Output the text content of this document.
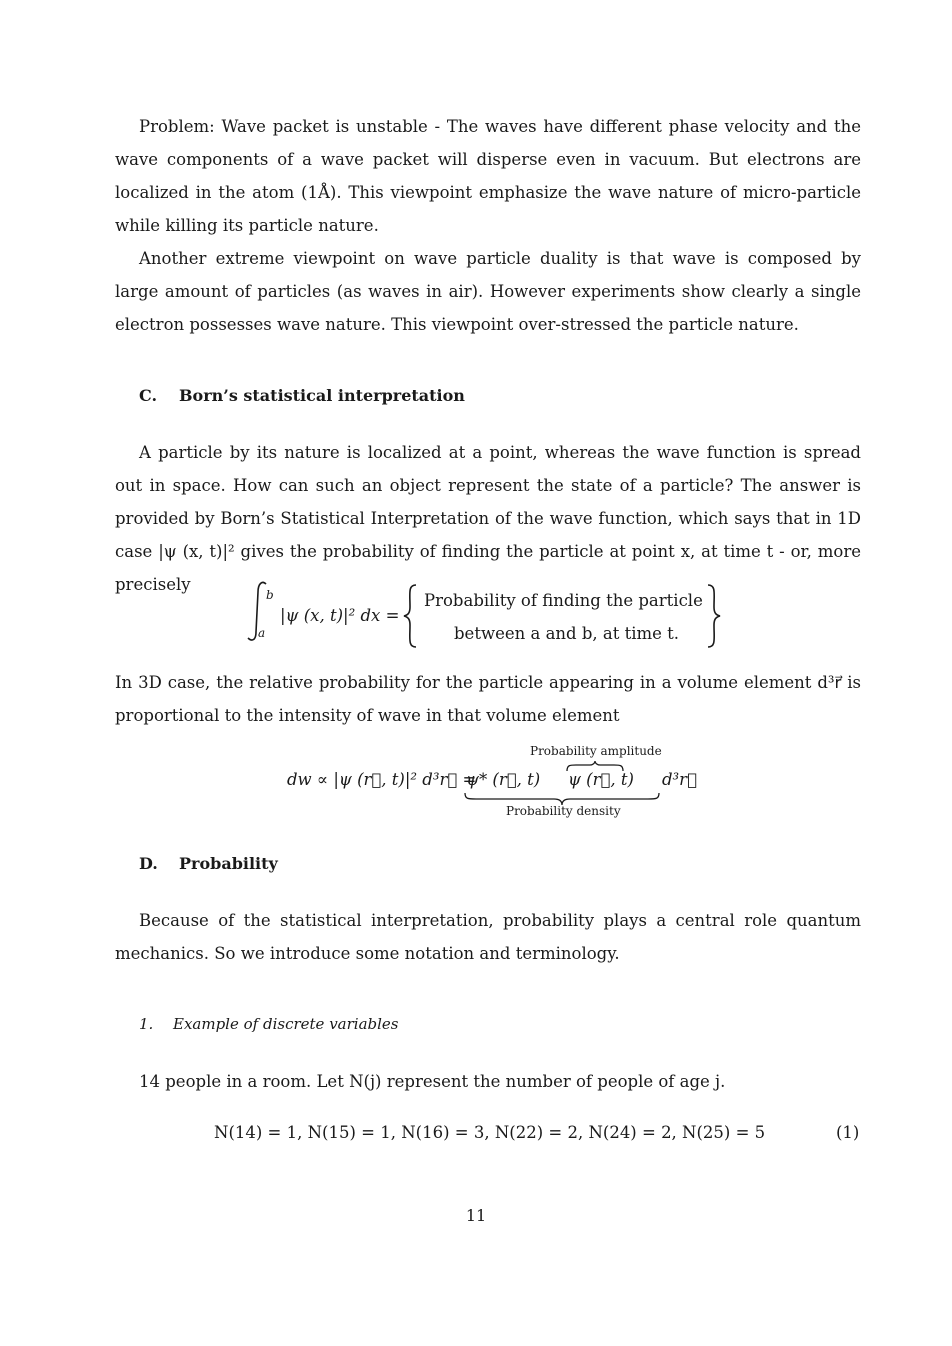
Problem: Wave packet is unstable - The waves have different phase velocity and the wave components of a wave packet will disperse even in vacuum. But electrons are localized in the atom (1Å). This viewpoint emphasize the wave nature of micro-particle while killing its particle nature.

Another extreme viewpoint on wave particle duality is that wave is composed by large amount of particles (as waves in air). However experiments show clearly a single electron possesses wave nature. This viewpoint over-stressed the particle nature.

C. Born’s statistical interpretation

A particle by its nature is localized at a point, whereas the wave function is spread out in space. How can such an object represent the state of a particle? The answer is provided by Born’s Statistical Interpretation of the wave function, which says that in 1D case |ψ (x, t)|² gives the probability of finding the particle at point x, at time t - or, more precisely

b
a
|ψ (x, t)|² dx =
Probability of finding the particle
between a and b, at time t.

In 3D case, the relative probability for the particle appearing in a volume element d³r⃗ is proportional to the intensity of wave in that volume element

Probability amplitude
dw ∝ |ψ (r⃗, t)|² d³r⃗ =
ψ* (r⃗, t) ψ (r⃗, t) d³r⃗
Probability density
D. Probability

Because of the statistical interpretation, probability plays a central role quantum mechanics. So we introduce some notation and terminology.

1. Example of discrete variables

14 people in a room. Let N(j) represent the number of people of age j.

N(14) = 1, N(15) = 1, N(16) = 3, N(22) = 2, N(24) = 2, N(25) = 5	(1)
11
